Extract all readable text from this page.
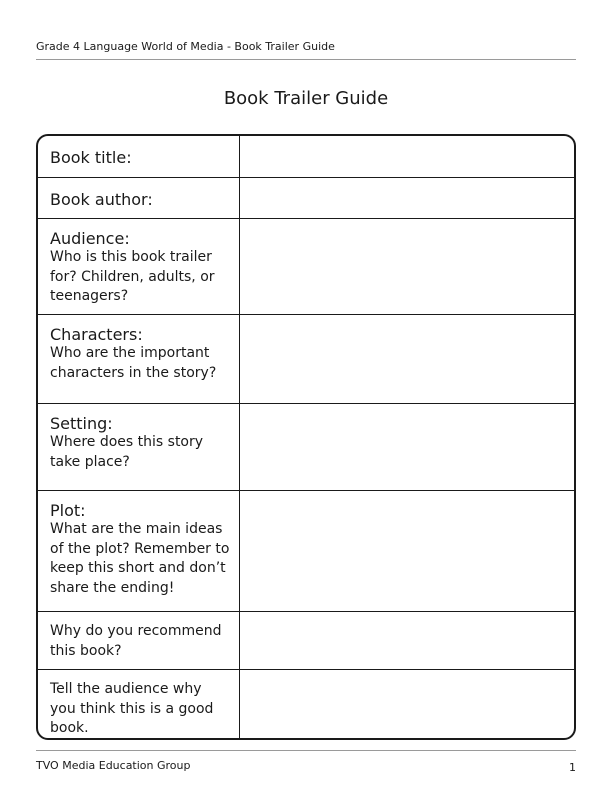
Grade 4 Language World of Media - Book Trailer Guide
Book Trailer Guide
Book title:
Book author:
Audience:
Who is this book trailer for? Children, adults, or teenagers?
Characters:
Who are the important characters in the story?
Setting:
Where does this story take place?
Plot:
What are the main ideas of the plot? Remember to keep this short and don’t share the ending!
Why do you recommend this book?
Tell the audience why you think this is a good book.
TVO Media Education Group	1
